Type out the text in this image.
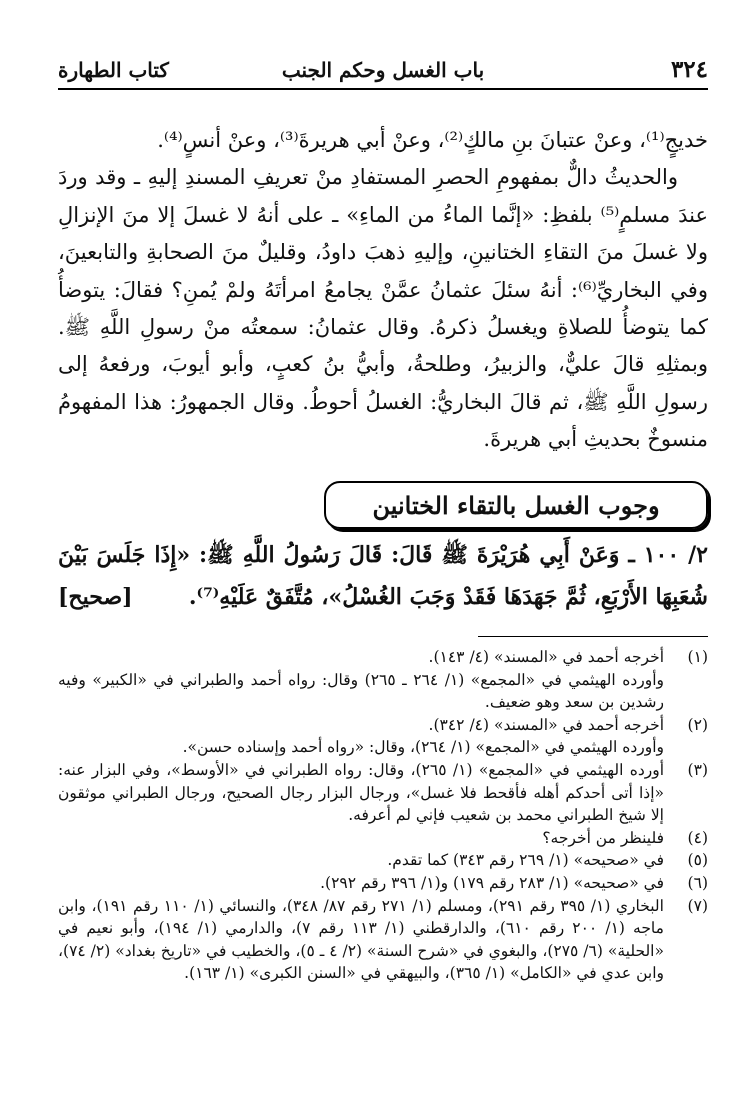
٣٢٤
باب الغسل وحكم الجنب
كتاب الطهارة

خديجٍ⁽¹⁾، وعنْ عتبانَ بنِ مالكٍ⁽²⁾، وعنْ أبي هريرةَ⁽³⁾، وعنْ أنسٍ⁽⁴⁾.

والحديثُ دالٌّ بمفهومِ الحصرِ المستفادِ منْ تعريفِ المسندِ إليهِ ـ وقد وردَ عندَ مسلمٍ⁽⁵⁾ بلفظِ: «إنَّما الماءُ من الماءِ» ـ على أنهُ لا غسلَ إلا منَ الإنزالِ ولا غسلَ منَ التقاءِ الختانينِ، وإليهِ ذهبَ داودُ، وقليلٌ منَ الصحابةِ والتابعينَ، وفي البخاريِّ⁽⁶⁾: أنهُ سئلَ عثمانُ عمَّنْ يجامعُ امرأتَهُ ولمْ يُمنِ؟ فقالَ: يتوضأُ كما يتوضأُ للصلاةِ ويغسلُ ذكرهُ. وقال عثمانُ: سمعتُه منْ رسولِ اللَّهِ ﷺ. وبمثلِهِ قالَ عليٌّ، والزبيرُ، وطلحةُ، وأبيُّ بنُ كعبٍ، وأبو أيوبَ، ورفعهُ إلى رسولِ اللَّهِ ﷺ، ثم قالَ البخاريُّ: الغسلُ أحوطُ. وقال الجمهورُ: هذا المفهومُ منسوخٌ بحديثِ أبي هريرةَ.

وجوب الغسل بالتقاء الختانين
٢/ ١٠٠ ـ وَعَنْ أَبِي هُرَيْرَةَ ﷺ قَالَ: قَالَ رَسُولُ اللَّهِ ﷺ: «إِذَا جَلَسَ بَيْنَ شُعَبِهَا الأَرْبَعِ، ثُمَّ جَهَدَهَا فَقَدْ وَجَبَ الغُسْلُ»، مُتَّفَقٌ عَلَيْهِ⁽⁷⁾.
[صحيح]
(١)
أخرجه أحمد في «المسند» (٤/ ١٤٣).
وأورده الهيثمي في «المجمع» (١/ ٢٦٤ ـ ٢٦٥) وقال: رواه أحمد والطبراني في «الكبير» وفيه رشدين بن سعد وهو ضعيف.
(٢)
أخرجه أحمد في «المسند» (٤/ ٣٤٢).
وأورده الهيثمي في «المجمع» (١/ ٢٦٤)، وقال: «رواه أحمد وإسناده حسن».
(٣)
أورده الهيثمي في «المجمع» (١/ ٢٦٥)، وقال: رواه الطبراني في «الأوسط»، وفي البزار عنه: «إذا أتى أحدكم أهله فأقحط فلا غسل»، ورجال البزار رجال الصحيح، ورجال الطبراني موثقون إلا شيخ الطبراني محمد بن شعيب فإني لم أعرفه.
(٤)
فلينظر من أخرجه؟
(٥)
في «صحيحه» (١/ ٢٦٩ رقم ٣٤٣) كما تقدم.
(٦)
في «صحيحه» (١/ ٢٨٣ رقم ١٧٩) و(١/ ٣٩٦ رقم ٢٩٢).
(٧)
البخاري (١/ ٣٩٥ رقم ٢٩١)، ومسلم (١/ ٢٧١ رقم ٨٧/ ٣٤٨)، والنسائي (١/ ١١٠ رقم ١٩١)، وابن ماجه (١/ ٢٠٠ رقم ٦١٠)، والدارقطني (١/ ١١٣ رقم ٧)، والدارمي (١/ ١٩٤)، وأبو نعيم في «الحلية» (٦/ ٢٧٥)، والبغوي في «شرح السنة» (٢/ ٤ ـ ٥)، والخطيب في «تاريخ بغداد» (٢/ ٧٤)، وابن عدي في «الكامل» (١/ ٣٦٥)، والبيهقي في «السنن الكبرى» (١/ ١٦٣).
